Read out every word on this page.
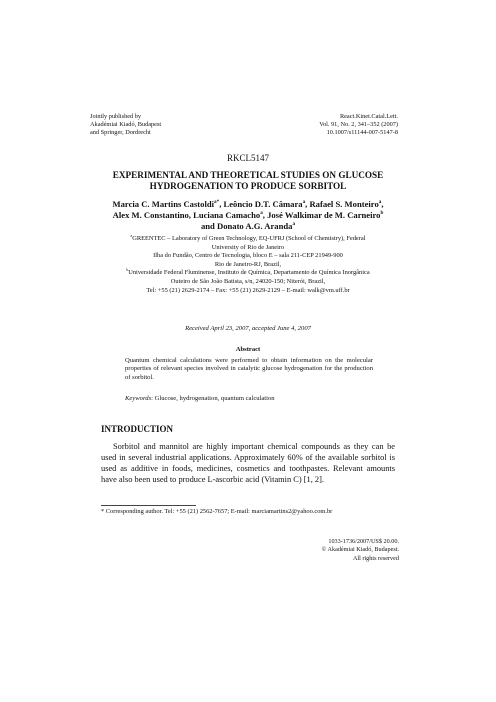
Jointly published by
Akadémiai Kiadó, Budapest
and Springer, Dordrecht
React.Kinet.Catal.Lett.
Vol. 91, No. 2, 341–352 (2007)
10.1007/s11144-007-5147-8
RKCL5147
EXPERIMENTAL AND THEORETICAL STUDIES ON GLUCOSE
HYDROGENATION TO PRODUCE SORBITOL
Marcia C. Martins Castoldi$^{a*}$, Leôncio D.T. Câmara$^a$, Rafael S. Monteiro$^a$,
Alex M. Constantino, Luciana Camacho$^a$, José Walkimar de M. Carneiro$^b$
and Donato A.G. Aranda$^a$
$^a$GREENTEC – Laboratory of Green Technology, EQ-UFRJ (School of Chemistry), Federal
University of Rio de Janeiro
Ilha do Fundão, Centro de Tecnologia, bloco E – sala 211-CEP 21949-900
Rio de Janeiro-RJ, Brazil,
$^b$Universidade Federal Fluminense, Instituto de Química, Departamento de Química Inorgânica
Outeiro de São João Batista, s/n, 24020-150; Niterói, Brazil,
Tel: +55 (21) 2629-2174 – Fax: +55 (21) 2629-2129 – E-mail: walk@vm.uff.br
Received April 23, 2007, accepted June 4, 2007
Abstract
Quantum chemical calculations were performed to obtain information on the molecular properties of relevant species involved in catalytic glucose hydrogenation for the production of sorbitol.
Keywords: Glucose, hydrogenation, quantum calculation
INTRODUCTION
Sorbitol and mannitol are highly important chemical compounds as they can be used in several industrial applications. Approximately 60% of the available sorbitol is used as additive in foods, medicines, cosmetics and toothpastes. Relevant amounts have also been used to produce L-ascorbic acid (Vitamin C) [1, 2].
* Corresponding author. Tel: +55 (21) 2562-7657; E-mail: marciamartins2@yahoo.com.br
1033-1736/2007/US$ 20.00.
© Akadémiai Kiadó, Budapest.
All rights reserved
